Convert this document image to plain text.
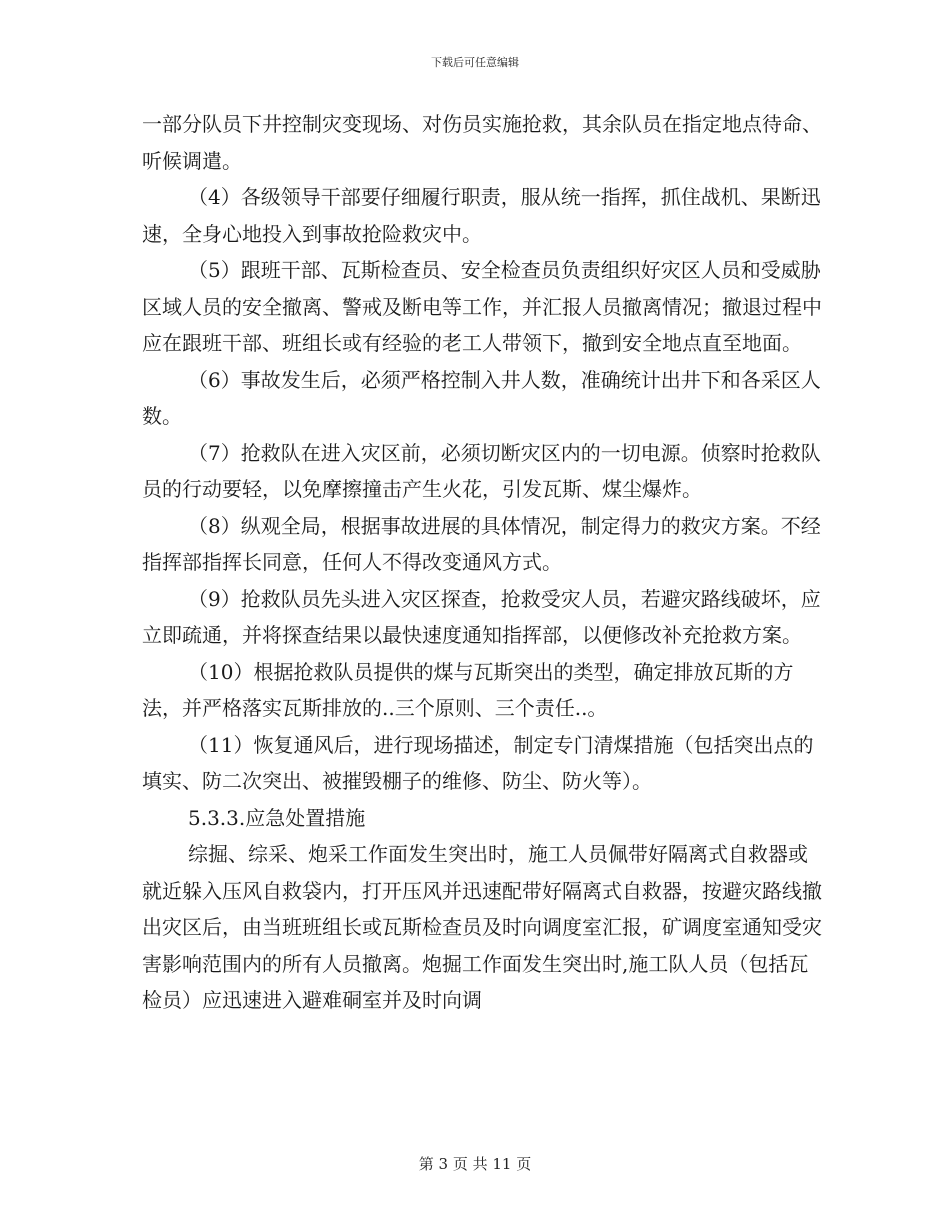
下载后可任意编辑

一部分队员下井控制灾变现场、对伤员实施抢救，其余队员在指定地点待命、听候调遣。

（4）各级领导干部要仔细履行职责，服从统一指挥，抓住战机、果断迅速，全身心地投入到事故抢险救灾中。

（5）跟班干部、瓦斯检查员、安全检查员负责组织好灾区人员和受威胁区域人员的安全撤离、警戒及断电等工作，并汇报人员撤离情况；撤退过程中应在跟班干部、班组长或有经验的老工人带领下，撤到安全地点直至地面。

（6）事故发生后，必须严格控制入井人数，准确统计出井下和各采区人数。

（7）抢救队在进入灾区前，必须切断灾区内的一切电源。侦察时抢救队员的行动要轻，以免摩擦撞击产生火花，引发瓦斯、煤尘爆炸。

（8）纵观全局，根据事故进展的具体情况，制定得力的救灾方案。不经指挥部指挥长同意，任何人不得改变通风方式。

（9）抢救队员先头进入灾区探查，抢救受灾人员，若避灾路线破坏，应立即疏通，并将探查结果以最快速度通知指挥部，以便修改补充抢救方案。

（10）根据抢救队员提供的煤与瓦斯突出的类型，确定排放瓦斯的方法，并严格落实瓦斯排放的..三个原则、三个责任..。

（11）恢复通风后，进行现场描述，制定专门清煤措施（包括突出点的填实、防二次突出、被摧毁棚子的维修、防尘、防火等）。

5.3.3.应急处置措施

综掘、综采、炮采工作面发生突出时，施工人员佩带好隔离式自救器或就近躲入压风自救袋内，打开压风并迅速配带好隔离式自救器，按避灾路线撤出灾区后，由当班班组长或瓦斯检查员及时向调度室汇报，矿调度室通知受灾害影响范围内的所有人员撤离。炮掘工作面发生突出时,施工队人员（包括瓦检员）应迅速进入避难硐室并及时向调

第 3 页 共 11 页
